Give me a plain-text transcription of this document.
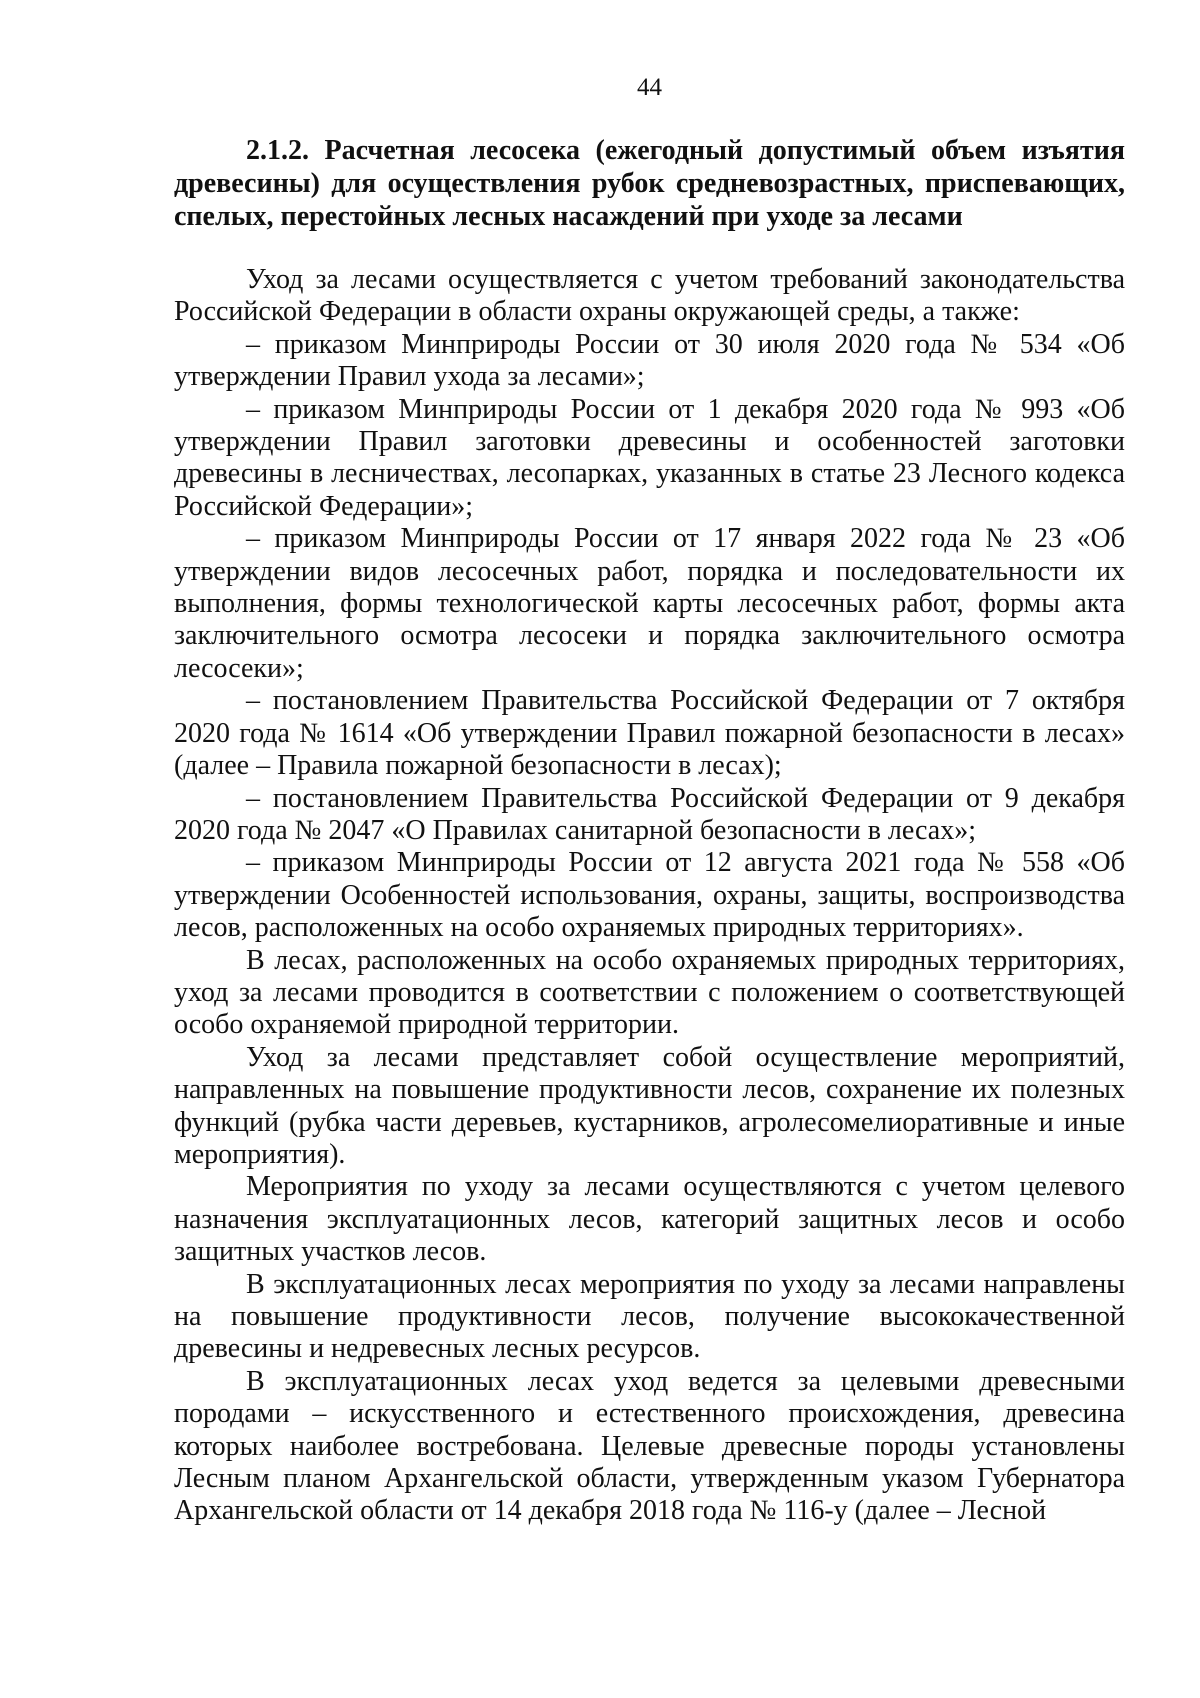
44
2.1.2. Расчетная лесосека (ежегодный допустимый объем изъятия древесины) для осуществления рубок средневозрастных, приспевающих, спелых, перестойных лесных насаждений при уходе за лесами

Уход за лесами осуществляется с учетом требований законодательства Российской Федерации в области охраны окружающей среды, а также:

– приказом Минприроды России от 30 июля 2020 года № 534 «Об утверждении Правил ухода за лесами»;

– приказом Минприроды России от 1 декабря 2020 года № 993 «Об утверждении Правил заготовки древесины и особенностей заготовки древесины в лесничествах, лесопарках, указанных в статье 23 Лесного кодекса Российской Федерации»;

– приказом Минприроды России от 17 января 2022 года № 23 «Об утверждении видов лесосечных работ, порядка и последовательности их выполнения, формы технологической карты лесосечных работ, формы акта заключительного осмотра лесосеки и порядка заключительного осмотра лесосеки»;

– постановлением Правительства Российской Федерации от 7 октября 2020 года № 1614 «Об утверждении Правил пожарной безопасности в лесах» (далее – Правила пожарной безопасности в лесах);

– постановлением Правительства Российской Федерации от 9 декабря 2020 года № 2047 «О Правилах санитарной безопасности в лесах»;

– приказом Минприроды России от 12 августа 2021 года № 558 «Об утверждении Особенностей использования, охраны, защиты, воспроизводства лесов, расположенных на особо охраняемых природных территориях».

В лесах, расположенных на особо охраняемых природных территориях, уход за лесами проводится в соответствии с положением о соответствующей особо охраняемой природной территории.

Уход за лесами представляет собой осуществление мероприятий, направленных на повышение продуктивности лесов, сохранение их полезных функций (рубка части деревьев, кустарников, агролесомелиоративные и иные мероприятия).

Мероприятия по уходу за лесами осуществляются с учетом целевого назначения эксплуатационных лесов, категорий защитных лесов и особо защитных участков лесов.

В эксплуатационных лесах мероприятия по уходу за лесами направлены на повышение продуктивности лесов, получение высококачественной древесины и недревесных лесных ресурсов.

В эксплуатационных лесах уход ведется за целевыми древесными породами – искусственного и естественного происхождения, древесина которых наиболее востребована. Целевые древесные породы установлены Лесным планом Архангельской области, утвержденным указом Губернатора Архангельской области от 14 декабря 2018 года № 116-у (далее – Лесной
